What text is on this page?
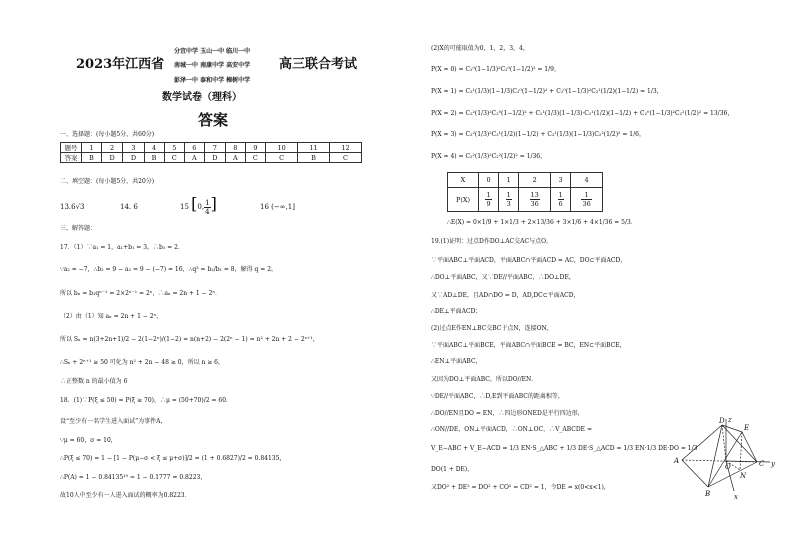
2023年江西省
分宜中学 玉山一中 临川一中
南城一中 南康中学 高安中学
彭泽一中 泰和中学 樟树中学
高三联合考试
数学试卷（理科）
答案
一、选择题：(每小题5分，共60分)
题号	1	2	3	4	5	6	7	8	9	10	11	12
答案	B	D	D	B	C	A	D	A	C	C	B	C
二、填空题：(每小题5分，共20分)
13.6√3	14. 6	15 [0, $\frac{1}{4}$ ]	16 (−∞,1]
三、解答题：
17．（1）∵a₁ = 1，a₁+b₁ = 3，∴b₁ = 2．
∵a₂ = −7，∴b₂ = 9 − a₂ = 9 − (−7) = 16，∴q³ = b₂/b₁ = 8，解得 q = 2，
所以 bₙ = b₁qⁿ⁻¹ = 2×2ⁿ⁻¹ = 2ⁿ，∴aₙ = 2n + 1 − 2ⁿ．
（2）由（1）知 aₙ = 2n + 1 − 2ⁿ，
所以 Sₙ = n(3+2n+1)/2 − 2(1−2ⁿ)/(1−2) = n(n+2) − 2(2ⁿ − 1) = n² + 2n + 2 − 2ⁿ⁺¹，
∴Sₙ + 2ⁿ⁺¹ ≥ 50 可化为 n² + 2n − 48 ≥ 0，所以 n ≥ 6，
∴正整数 n 的最小值为 6
18．(1)∵P(ξ ≤ 50) = P(ξ ≥ 70)，∴μ = (50+70)/2 = 60．
设“至少有一名学生进入面试”为事件A，
∵μ = 60，σ = 10，
∴P(ξ ≤ 70) = 1 − [1 − P(μ−σ < ξ ≤ μ+σ)]/2 = (1 + 0.6827)/2 = 0.84135，
∴P(A) = 1 − 0.84135¹⁰ ≈ 1 − 0.1777 = 0.8223，
故10人中至少有一人进入面试的概率为0.8223．
(2)X的可能取值为0，1，2，3，4，
P(X = 0) = C₂⁰(1−1/3)²C₂⁰(1−1/2)² = 1/9，
P(X = 1) = C₂¹(1/3)(1−1/3)C₂⁰(1−1/2)² + C₂⁰(1−1/3)²C₂¹(1/2)(1−1/2) = 1/3，
P(X = 2) = C₂²(1/3)²C₂⁰(1−1/2)² + C₂¹(1/3)(1−1/3)·C₂¹(1/2)(1−1/2) + C₂⁰(1−1/3)²C₂²(1/2)² = 13/36，
P(X = 3) = C₂²(1/3)²C₂¹(1/2)(1−1/2) + C₂¹(1/3)(1−1/3)C₂²(1/2)² = 1/6，
P(X = 4) = C₂²(1/3)²C₂²(1/2)² = 1/36，
X	0	1	2	3	4
P(X)	$\frac{1}{9}$	$\frac{1}{3}$	$\frac{13}{36}$	$\frac{1}{6}$	$\frac{1}{36}$
∴E(X) = 0×1/9 + 1×1/3 + 2×13/36 + 3×1/6 + 4×1/36 = 5/3．
19.(1)证明：过点D作DO⊥AC交AC与点O，
∵平面ABC⊥平面ACD，平面ABC∩平面ACD = AC，DO⊂平面ACD，
∴DO⊥平面ABC，又∵DE//平面ABC，∴DO⊥DE，
又∵AD⊥DE，且AD∩DO = D，AD,DC⊂平面ACD，
∴DE⊥平面ACD；
(2)过点E作EN⊥BC交BC于点N，连接ON，
∵平面ABC⊥平面BCE，平面ABC∩平面BCE = BC，EN⊂平面BCE，
∴EN⊥平面ABC，
又因为DO⊥平面ABC，所以DO//EN．
∵DE//平面ABC，∴D,E到平面ABC的距离相等，
∴DO//EN且DO = EN，∴四边形ONED是平行四边形，
∴ON//DE，ON⊥平面ACD，∴ON⊥OC，∴V_ABCDE =
V_E−ABC + V_E−ACD = 1/3 EN·S_△ABC + 1/3 DE·S_△ACD = 1/3 EN·1/3 DE·DO = 1/3
DO(1 + DE)，
又DO² + DE² = DO² + CO² = CD² = 1，令DE = x(0<x<1)，
D
E
A
O
N
C
B
y
x
z
